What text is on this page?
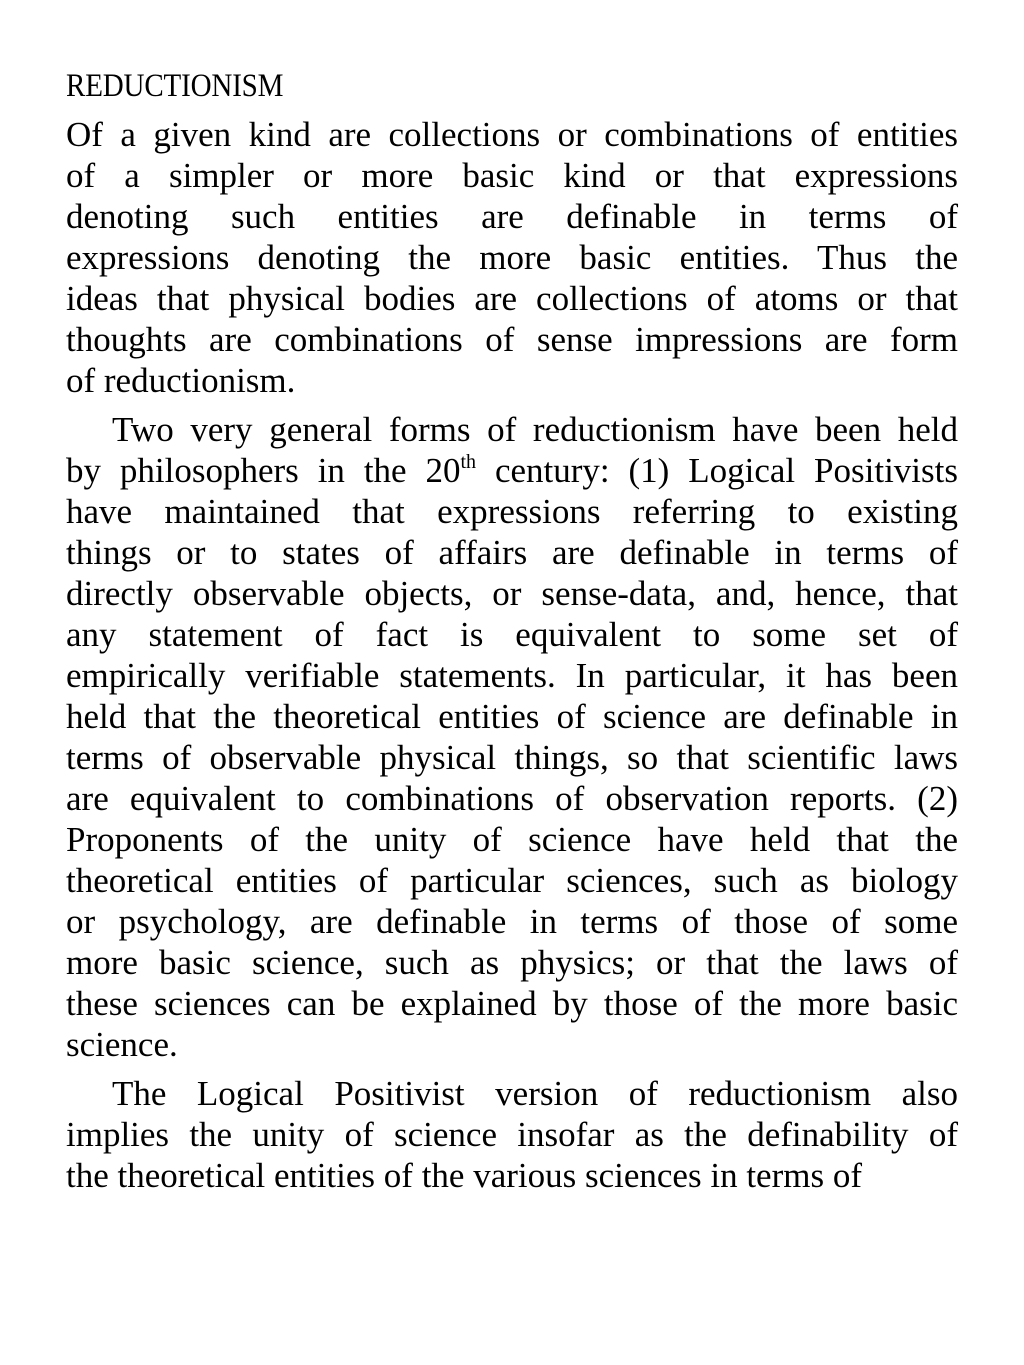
REDUCTIONISM
Of a given kind are collections or combinations of entities
of a simpler or more basic kind or that expressions
denoting such entities are definable in terms of
expressions denoting the more basic entities. Thus the
ideas that physical bodies are collections of atoms or that
thoughts are combinations of sense impressions are form
of reductionism.
Two very general forms of reductionism have been held
by philosophers in the 20th century: (1) Logical Positivists
have maintained that expressions referring to existing
things or to states of affairs are definable in terms of
directly observable objects, or sense-data, and, hence, that
any statement of fact is equivalent to some set of
empirically verifiable statements. In particular, it has been
held that the theoretical entities of science are definable in
terms of observable physical things, so that scientific laws
are equivalent to combinations of observation reports. (2)
Proponents of the unity of science have held that the
theoretical entities of particular sciences, such as biology
or psychology, are definable in terms of those of some
more basic science, such as physics; or that the laws of
these sciences can be explained by those of the more basic
science.
The Logical Positivist version of reductionism also
implies the unity of science insofar as the definability of
the theoretical entities of the various sciences in terms of
